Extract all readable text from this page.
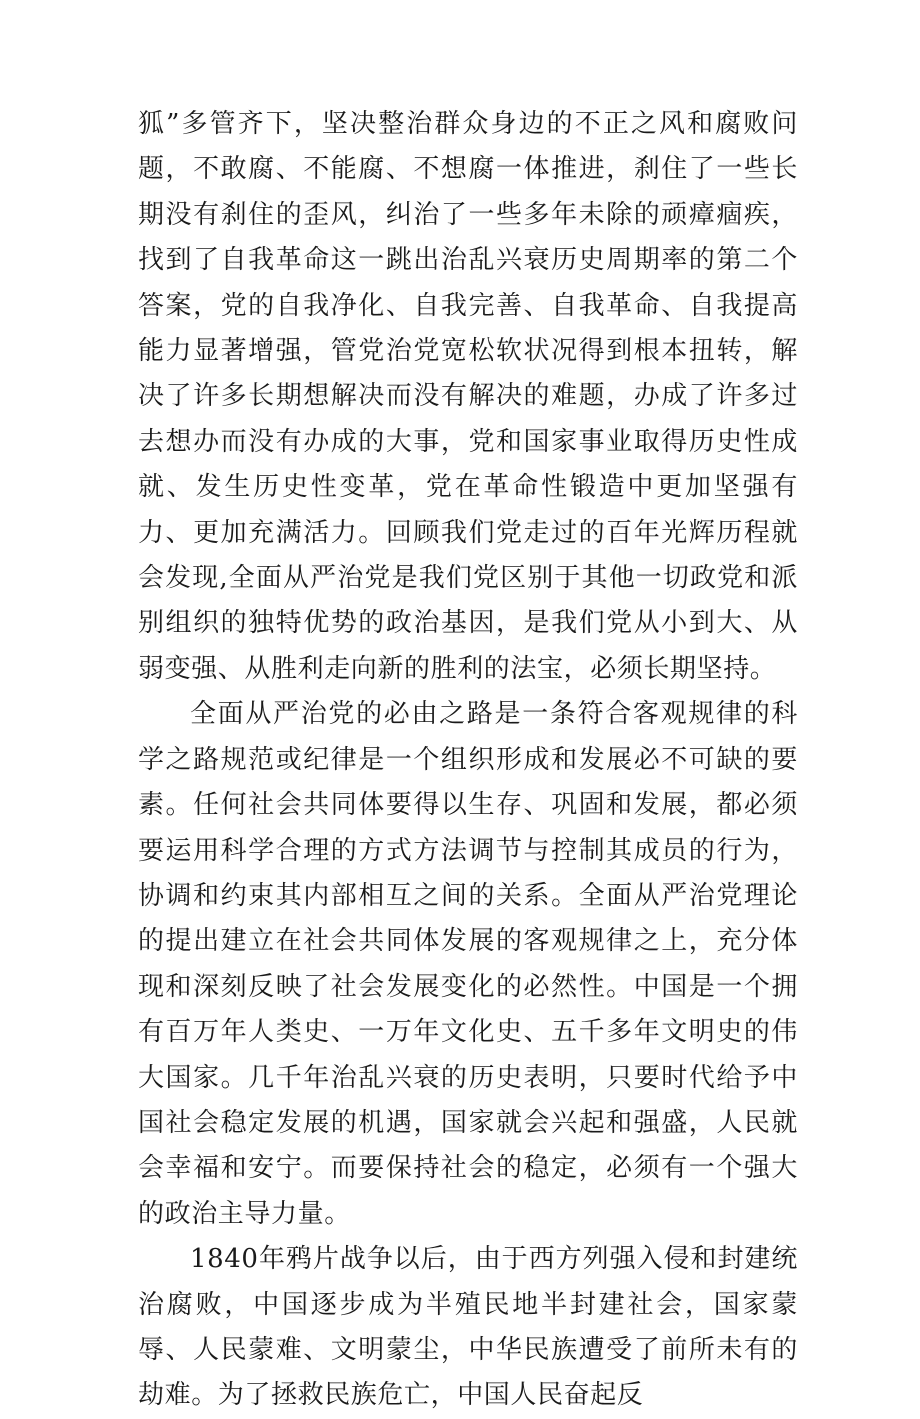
狐”多管齐下，坚决整治群众身边的不正之风和腐败问题，不敢腐、不能腐、不想腐一体推进，刹住了一些长期没有刹住的歪风，纠治了一些多年未除的顽瘴痼疾，找到了自我革命这一跳出治乱兴衰历史周期率的第二个答案，党的自我净化、自我完善、自我革命、自我提高能力显著增强，管党治党宽松软状况得到根本扭转，解决了许多长期想解决而没有解决的难题，办成了许多过去想办而没有办成的大事，党和国家事业取得历史性成就、发生历史性变革，党在革命性锻造中更加坚强有力、更加充满活力。回顾我们党走过的百年光辉历程就会发现,全面从严治党是我们党区别于其他一切政党和派别组织的独特优势的政治基因，是我们党从小到大、从弱变强、从胜利走向新的胜利的法宝，必须长期坚持。

全面从严治党的必由之路是一条符合客观规律的科学之路规范或纪律是一个组织形成和发展必不可缺的要素。任何社会共同体要得以生存、巩固和发展，都必须要运用科学合理的方式方法调节与控制其成员的行为，协调和约束其内部相互之间的关系。全面从严治党理论的提出建立在社会共同体发展的客观规律之上，充分体现和深刻反映了社会发展变化的必然性。中国是一个拥有百万年人类史、一万年文化史、五千多年文明史的伟大国家。几千年治乱兴衰的历史表明，只要时代给予中国社会稳定发展的机遇，国家就会兴起和强盛，人民就会幸福和安宁。而要保持社会的稳定，必须有一个强大的政治主导力量。

1840年鸦片战争以后，由于西方列强入侵和封建统治腐败，中国逐步成为半殖民地半封建社会，国家蒙辱、人民蒙难、文明蒙尘，中华民族遭受了前所未有的劫难。为了拯救民族危亡，中国人民奋起反
